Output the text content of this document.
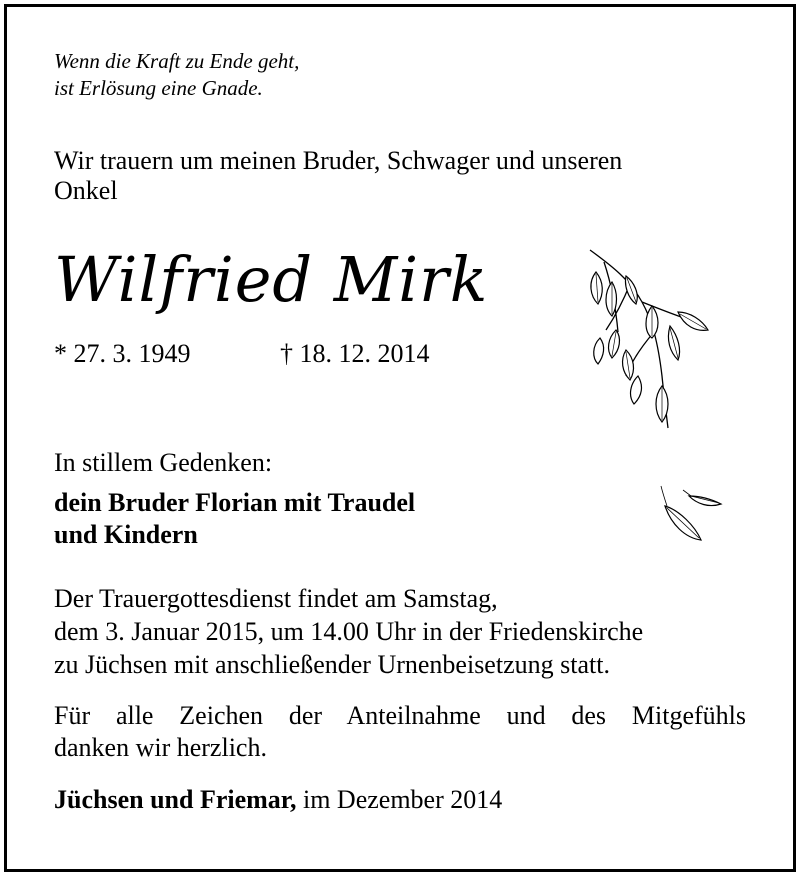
Wenn die Kraft zu Ende geht,
ist Erlösung eine Gnade.
Wir trauern um meinen Bruder, Schwager und unseren
Onkel
Wilfried Mirk
* 27. 3. 1949	† 18. 12. 2014
In stillem Gedenken:
dein Bruder Florian mit Traudel
und Kindern
Der Trauergottesdienst findet am Samstag,
dem 3. Januar 2015, um 14.00 Uhr in der Friedenskirche
zu Jüchsen mit anschließender Urnenbeisetzung statt.
Für alle Zeichen der Anteilnahme und des Mitgefühls
danken wir herzlich.
Jüchsen und Friemar, im Dezember 2014
